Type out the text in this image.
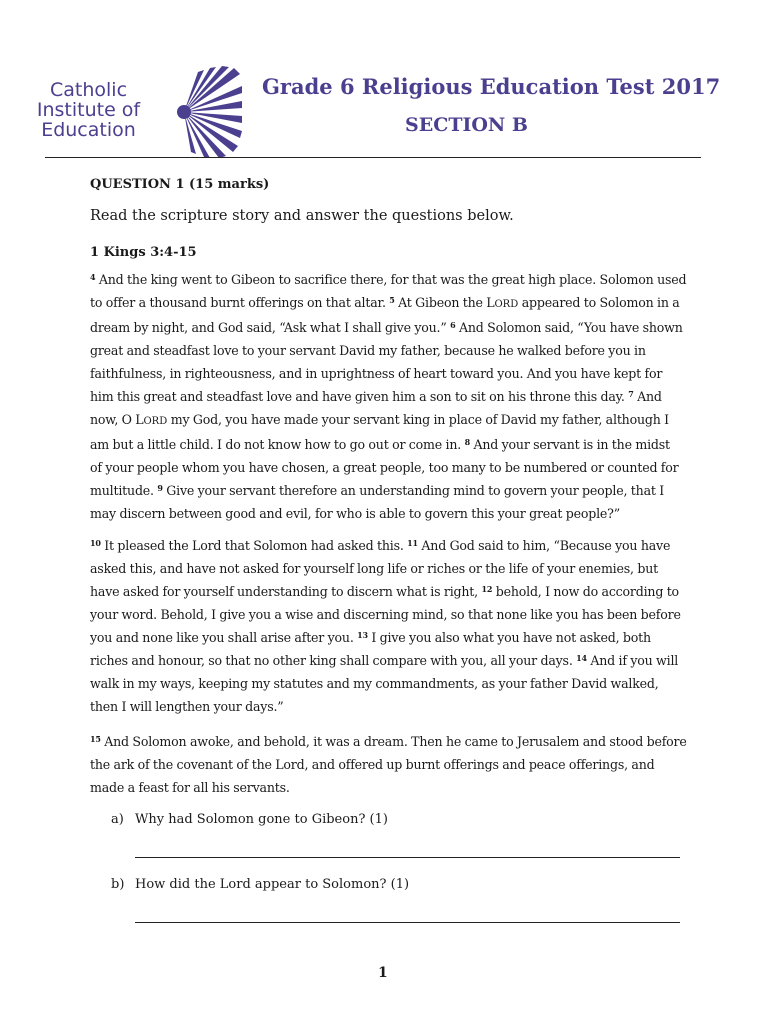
Catholic
Institute of
Education
Grade 6 Religious Education Test 2017
SECTION B
QUESTION 1 (15 marks)
Read the scripture story and answer the questions below.
1 Kings 3:4-15
$^4$ And the king went to Gibeon to sacrifice there, for that was the great high place. Solomon used
to offer a thousand burnt offerings on that altar. $^5$ At Gibeon the LORD appeared to Solomon in a
dream by night, and God said, “Ask what I shall give you.” $^6$ And Solomon said, “You have shown
great and steadfast love to your servant David my father, because he walked before you in
faithfulness, in righteousness, and in uprightness of heart toward you. And you have kept for
him this great and steadfast love and have given him a son to sit on his throne this day. $^7$ And
now, O LORD my God, you have made your servant king in place of David my father, although I
am but a little child. I do not know how to go out or come in. $^8$ And your servant is in the midst
of your people whom you have chosen, a great people, too many to be numbered or counted for
multitude. $^9$ Give your servant therefore an understanding mind to govern your people, that I
may discern between good and evil, for who is able to govern this your great people?”
$^{10}$ It pleased the Lord that Solomon had asked this. $^{11}$ And God said to him, “Because you have
asked this, and have not asked for yourself long life or riches or the life of your enemies, but
have asked for yourself understanding to discern what is right, $^{12}$ behold, I now do according to
your word. Behold, I give you a wise and discerning mind, so that none like you has been before
you and none like you shall arise after you. $^{13}$ I give you also what you have not asked, both
riches and honour, so that no other king shall compare with you, all your days. $^{14}$ And if you will
walk in my ways, keeping my statutes and my commandments, as your father David walked,
then I will lengthen your days.”
$^{15}$ And Solomon awoke, and behold, it was a dream. Then he came to Jerusalem and stood before
the ark of the covenant of the Lord, and offered up burnt offerings and peace offerings, and
made a feast for all his servants.
a) Why had Solomon gone to Gibeon? (1)
b) How did the Lord appear to Solomon? (1)
1
